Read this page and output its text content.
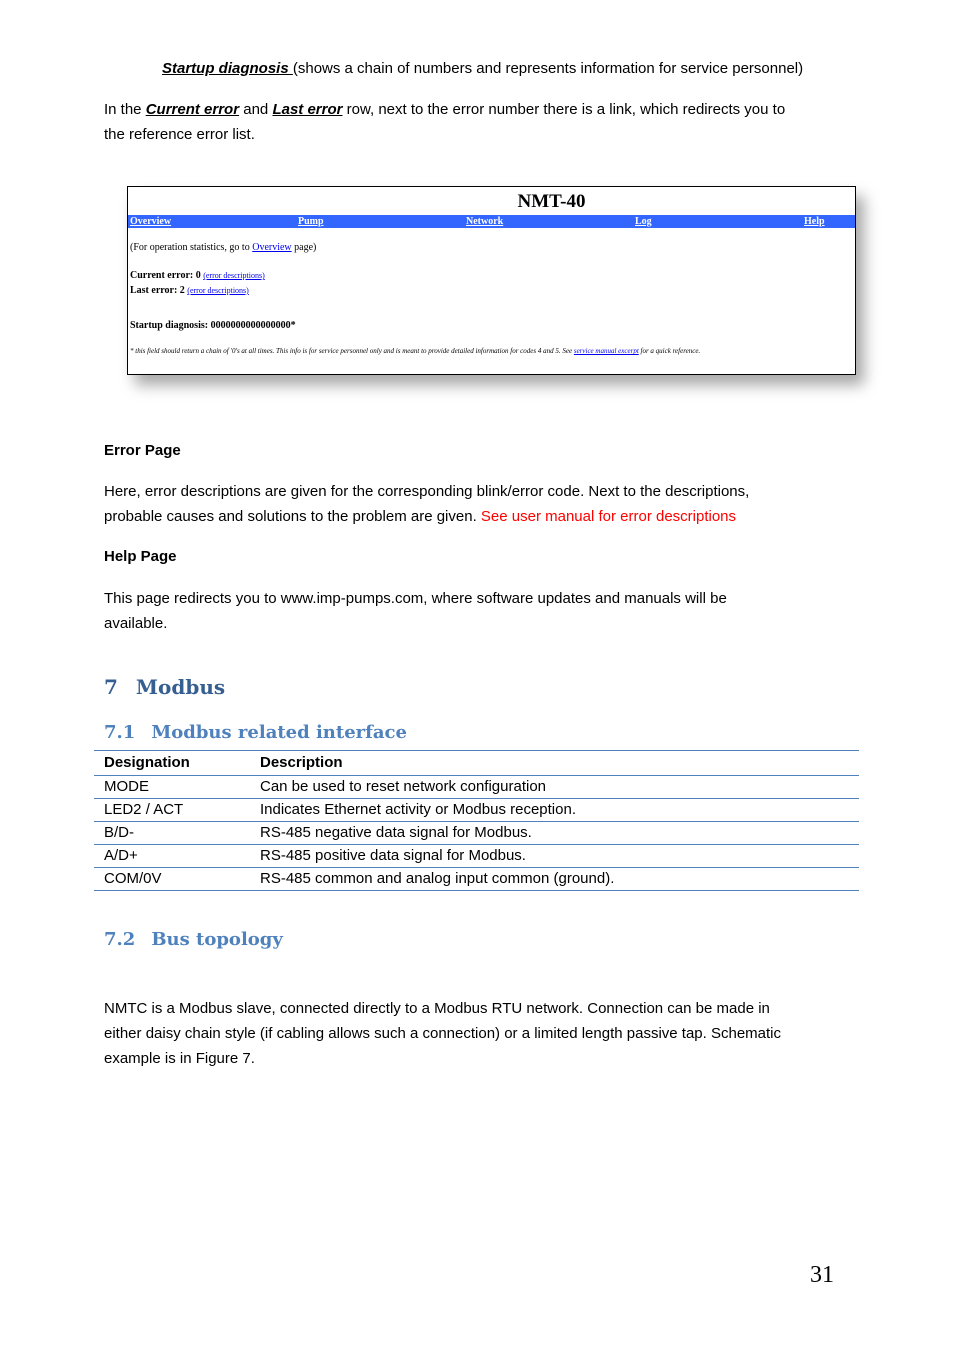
Startup diagnosis (shows a chain of numbers and represents information for service personnel)
In the Current error and Last error row, next to the error number there is a link, which redirects you to
the reference error list.
NMT-40
Overview	Pump	Network	Log	Help
(For operation statistics, go to Overview page)
Current error: 0 (error descriptions)
Last error: 2 (error descriptions)
Startup diagnosis: 0000000000000000*
* this field should return a chain of '0's at all times. This info is for service personnel only and is meant to provide detailed information for codes 4 and 5. See service manual excerpt for a quick reference.
Error Page
Here, error descriptions are given for the corresponding blink/error code. Next to the descriptions,
probable causes and solutions to the problem are given. See user manual for error descriptions
Help Page
This page redirects you to www.imp-pumps.com, where software updates and manuals will be
available.
7 Modbus
7.1 Modbus related interface
Designation	Description
MODE	Can be used to reset network configuration
LED2 / ACT	Indicates Ethernet activity or Modbus reception.
B/D-	RS-485 negative data signal for Modbus.
A/D+	RS-485 positive data signal for Modbus.
COM/0V	RS-485 common and analog input common (ground).
7.2 Bus topology
NMTC is a Modbus slave, connected directly to a Modbus RTU network. Connection can be made in
either daisy chain style (if cabling allows such a connection) or a limited length passive tap. Schematic
example is in Figure 7.
31
